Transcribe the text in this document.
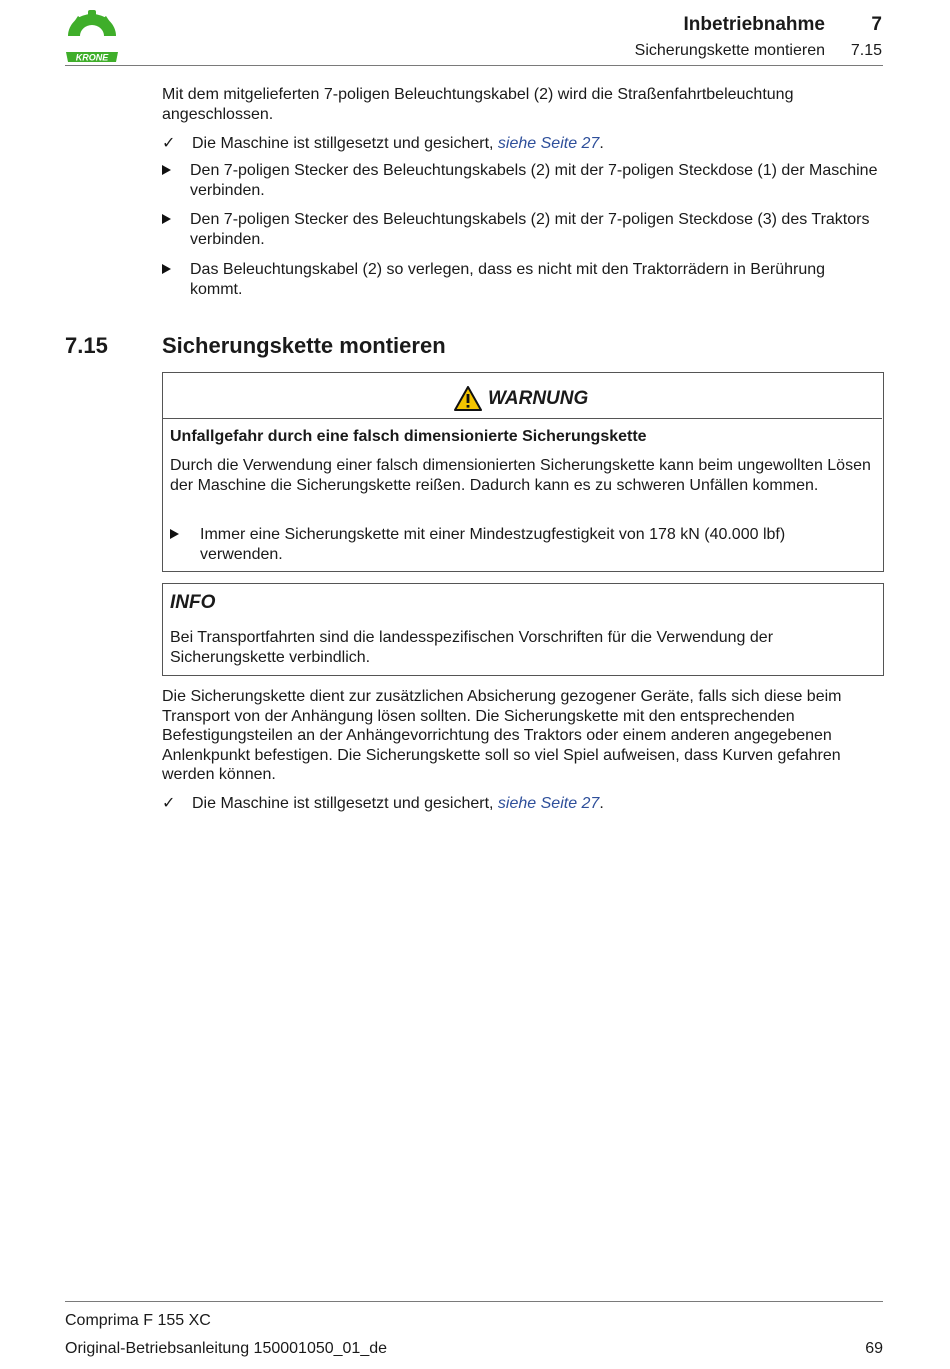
KRONE
Inbetriebnahme	7
Sicherungskette montieren	7.15
Mit dem mitgelieferten 7-poligen Beleuchtungskabel (2) wird die Straßenfahrtbeleuchtung angeschlossen.
✓	Die Maschine ist stillgesetzt und gesichert, siehe Seite 27.
Den 7-poligen Stecker des Beleuchtungskabels (2) mit der 7-poligen Steckdose (1) der Maschine verbinden.
Den 7-poligen Stecker des Beleuchtungskabels (2) mit der 7-poligen Steckdose (3) des Traktors verbinden.
Das Beleuchtungskabel (2) so verlegen, dass es nicht mit den Traktorrädern in Berührung kommt.
7.15 Sicherungskette montieren
WARNUNG
Unfallgefahr durch eine falsch dimensionierte Sicherungskette
Durch die Verwendung einer falsch dimensionierten Sicherungskette kann beim ungewollten Lösen der Maschine die Sicherungskette reißen. Dadurch kann es zu schweren Unfällen kommen.
Immer eine Sicherungskette mit einer Mindestzugfestigkeit von 178 kN (40.000 lbf) verwenden.
INFO
Bei Transportfahrten sind die landesspezifischen Vorschriften für die Verwendung der Sicherungskette verbindlich.
Die Sicherungskette dient zur zusätzlichen Absicherung gezogener Geräte, falls sich diese beim Transport von der Anhängung lösen sollten. Die Sicherungskette mit den entsprechenden Befestigungsteilen an der Anhängevorrichtung des Traktors oder einem anderen angegebenen Anlenkpunkt befestigen. Die Sicherungskette soll so viel Spiel aufweisen, dass Kurven gefahren werden können.
✓	Die Maschine ist stillgesetzt und gesichert, siehe Seite 27.
Comprima F 155 XC
Original-Betriebsanleitung 150001050_01_de	69
